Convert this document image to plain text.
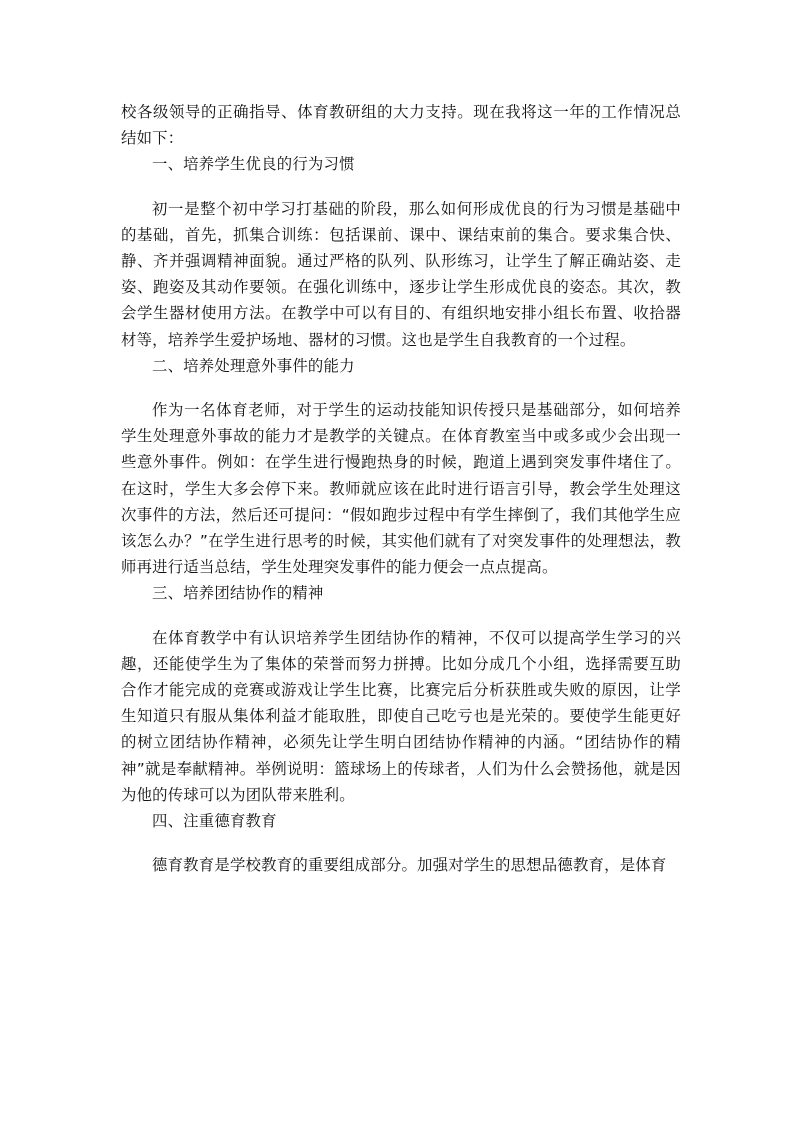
校各级领导的正确指导、体育教研组的大力支持。现在我将这一年的工作情况总结如下：

一、培养学生优良的行为习惯

初一是整个初中学习打基础的阶段，那么如何形成优良的行为习惯是基础中的基础，首先，抓集合训练：包括课前、课中、课结束前的集合。要求集合快、静、齐并强调精神面貌。通过严格的队列、队形练习，让学生了解正确站姿、走姿、跑姿及其动作要领。在强化训练中，逐步让学生形成优良的姿态。其次，教会学生器材使用方法。在教学中可以有目的、有组织地安排小组长布置、收拾器材等，培养学生爱护场地、器材的习惯。这也是学生自我教育的一个过程。

二、培养处理意外事件的能力

作为一名体育老师，对于学生的运动技能知识传授只是基础部分，如何培养学生处理意外事故的能力才是教学的关键点。在体育教室当中或多或少会出现一些意外事件。例如：在学生进行慢跑热身的时候，跑道上遇到突发事件堵住了。在这时，学生大多会停下来。教师就应该在此时进行语言引导，教会学生处理这次事件的方法，然后还可提问：“假如跑步过程中有学生摔倒了，我们其他学生应该怎么办？”在学生进行思考的时候，其实他们就有了对突发事件的处理想法，教师再进行适当总结，学生处理突发事件的能力便会一点点提高。

三、培养团结协作的精神

在体育教学中有认识培养学生团结协作的精神，不仅可以提高学生学习的兴趣，还能使学生为了集体的荣誉而努力拼搏。比如分成几个小组，选择需要互助合作才能完成的竞赛或游戏让学生比赛，比赛完后分析获胜或失败的原因，让学生知道只有服从集体利益才能取胜，即使自己吃亏也是光荣的。要使学生能更好的树立团结协作精神，必须先让学生明白团结协作精神的内涵。“团结协作的精神”就是奉献精神。举例说明：篮球场上的传球者，人们为什么会赞扬他，就是因为他的传球可以为团队带来胜利。

四、注重德育教育

德育教育是学校教育的重要组成部分。加强对学生的思想品德教育，是体育
